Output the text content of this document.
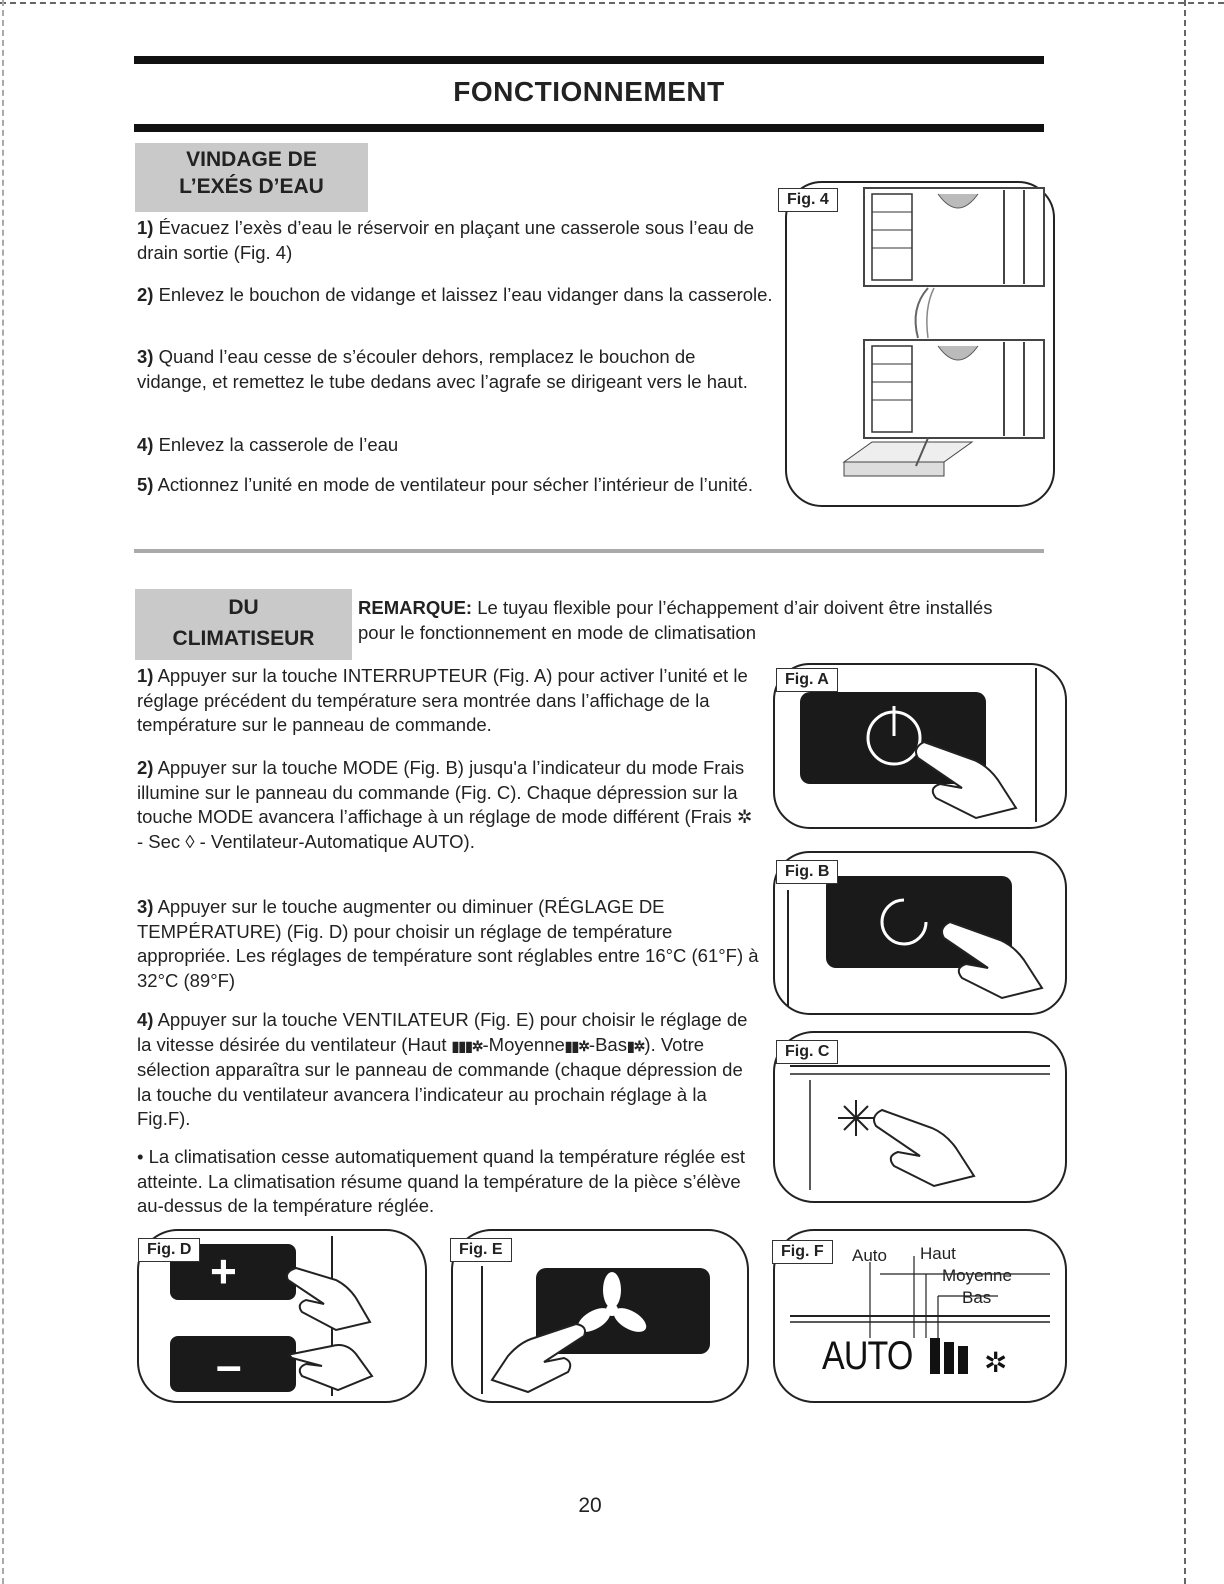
FONCTIONNEMENT
VINDAGE DE
L’EXÉS D’EAU
1) Évacuez l’exès d’eau le réservoir en plaçant une casserole sous l’eau de drain sortie (Fig. 4)
2) Enlevez le bouchon de vidange et laissez l’eau vidanger dans la casserole.
3) Quand l’eau cesse de s’écouler dehors, remplacez le bouchon de vidange, et remettez le tube dedans avec l’agrafe se dirigeant vers le haut.
4) Enlevez la casserole de l’eau
5) Actionnez l’unité en mode de ventilateur pour sécher l’intérieur de l’unité.
Fig. 4
DU
CLIMATISEUR
REMARQUE: Le tuyau flexible pour l’échappement d’air doivent être installés pour le fonctionnement en mode de climatisation
1) Appuyer sur la touche INTERRUPTEUR (Fig. A) pour activer l’unité et le réglage précédent du température sera montrée dans l’affichage de la température sur le panneau de commande.
2) Appuyer sur la touche MODE (Fig. B) jusqu'a l’indicateur du mode Frais illumine sur le panneau du commande (Fig. C). Chaque dépression sur la touche MODE avancera l’affichage à un réglage de mode différent (Frais ✲ - Sec ◊ - Ventilateur-Automatique AUTO).
3) Appuyer sur le touche augmenter ou diminuer (RÉGLAGE DE TEMPÉRATURE) (Fig. D) pour choisir un réglage de température appropriée. Les réglages de température sont réglables entre 16°C (61°F) à 32°C (89°F)
4) Appuyer sur la touche VENTILATEUR (Fig. E) pour choisir le réglage de la vitesse désirée du ventilateur (Haut ▮▮▮✲-Moyenne▮▮✲-Bas▮✲). Votre sélection apparaîtra sur le panneau de commande (chaque dépression de la touche du ventilateur avancera l’indicateur au prochain réglage à la Fig.F).
• La climatisation cesse automatiquement quand la température réglée est atteinte. La climatisation résume quand la température de la pièce s’élève au-dessus de la température réglée.
Fig. A
Fig. B
Fig. C
+
–
Fig. D	Fig. E
✲
Auto Haut
Moyenne
Bas
AUTO
Fig. F
20
